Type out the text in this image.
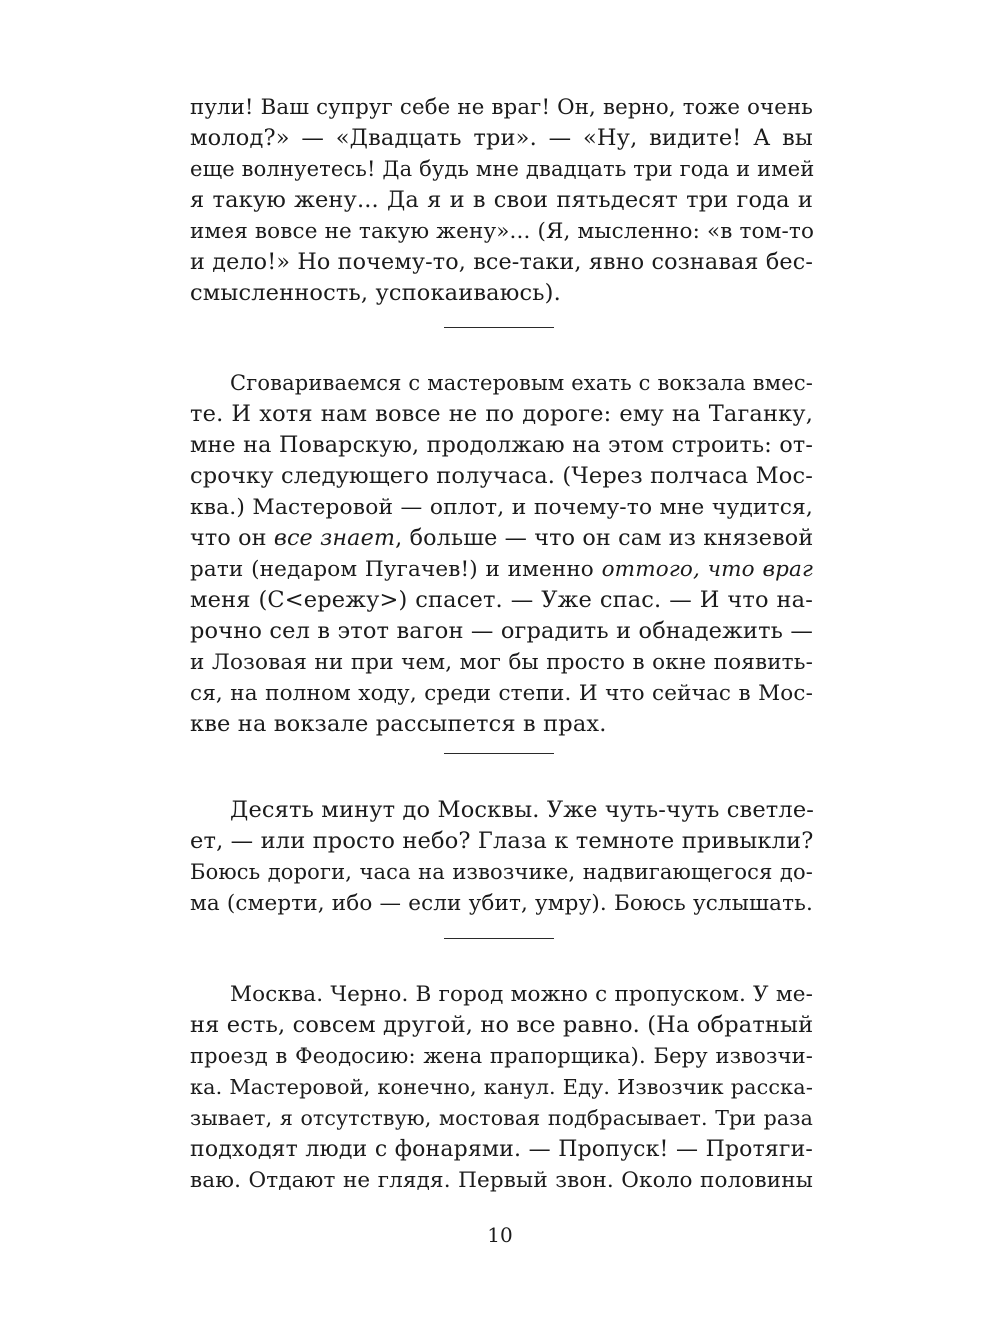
пули! Ваш супруг себе не враг! Он, верно, тоже очень
молод?» — «Двадцать три». — «Ну, видите! А вы
еще волнуетесь! Да будь мне двадцать три года и имей
я такую жену... Да я и в свои пятьдесят три года и
имея вовсе не такую жену»... (Я, мысленно: «в том-то
и дело!» Но почему-то, все-таки, явно сознавая бес-
смысленность, успокаиваюсь).
Сговариваемся с мастеровым ехать с вокзала вмес-
те. И хотя нам вовсе не по дороге: ему на Таганку,
мне на Поварскую, продолжаю на этом строить: от-
срочку следующего получаса. (Через полчаса Мос-
ква.) Мастеровой — оплот, и почему-то мне чудится,
что он все знает, больше — что он сам из князевой
рати (недаром Пугачев!) и именно оттого, что враг
меня (С<ережу>) спасет. — Уже спас. — И что на-
рочно сел в этот вагон — оградить и обнадежить —
и Лозовая ни при чем, мог бы просто в окне появить-
ся, на полном ходу, среди степи. И что сейчас в Мос-
кве на вокзале рассыпется в прах.
Десять минут до Москвы. Уже чуть-чуть светле-
ет, — или просто небо? Глаза к темноте привыкли?
Боюсь дороги, часа на извозчике, надвигающегося до-
ма (смерти, ибо — если убит, умру). Боюсь услышать.
Москва. Черно. В город можно с пропуском. У ме-
ня есть, совсем другой, но все равно. (На обратный
проезд в Феодосию: жена прапорщика). Беру извозчи-
ка. Мастеровой, конечно, канул. Еду. Извозчик расска-
зывает, я отсутствую, мостовая подбрасывает. Три раза
подходят люди с фонарями. — Пропуск! — Протяги-
ваю. Отдают не глядя. Первый звон. Около половины
10
